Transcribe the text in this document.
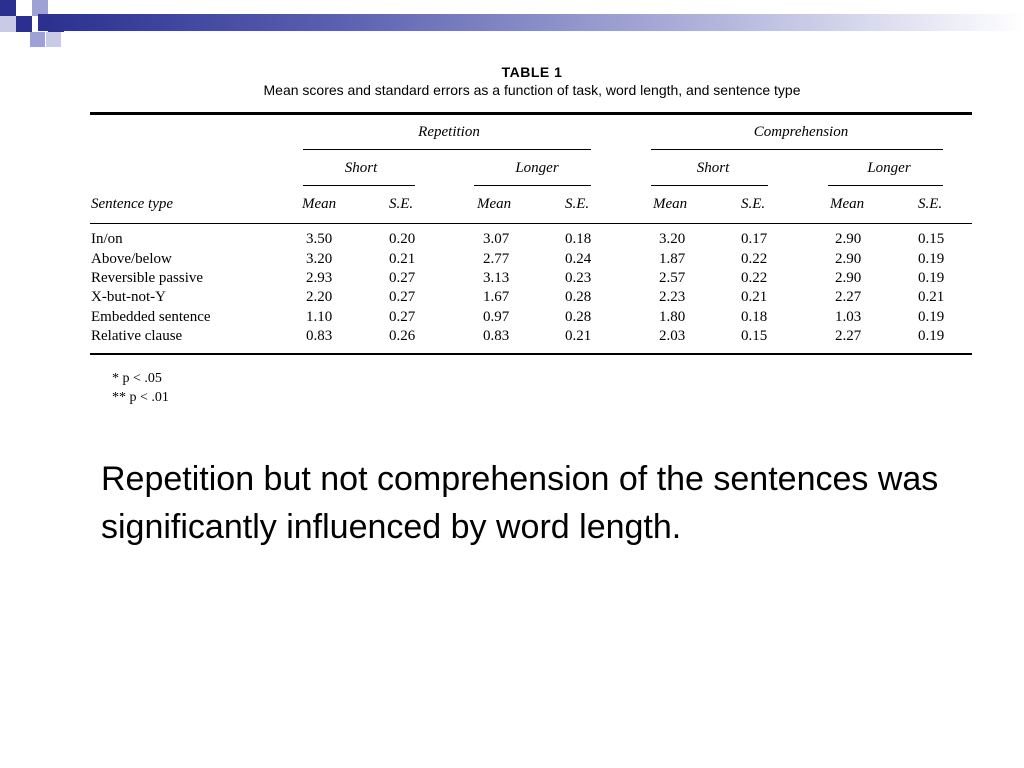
TABLE 1
Mean scores and standard errors as a function of task, word length, and sentence type
Repetition	Comprehension
Short	Longer	Short	Longer
Sentence type	Mean	S.E.	Mean	S.E.	Mean	S.E.	Mean	S.E.
In/on	3.50	0.20	3.07	0.18	3.20	0.17	2.90	0.15
Above/below	3.20	0.21	2.77	0.24	1.87	0.22	2.90	0.19
Reversible passive	2.93	0.27	3.13	0.23	2.57	0.22	2.90	0.19
X-but-not-Y	2.20	0.27	1.67	0.28	2.23	0.21	2.27	0.21
Embedded sentence	1.10	0.27	0.97	0.28	1.80	0.18	1.03	0.19
Relative clause	0.83	0.26	0.83	0.21	2.03	0.15	2.27	0.19
* p < .05
** p < .01
Repetition but not comprehension of the sentences was significantly influenced by word length.
